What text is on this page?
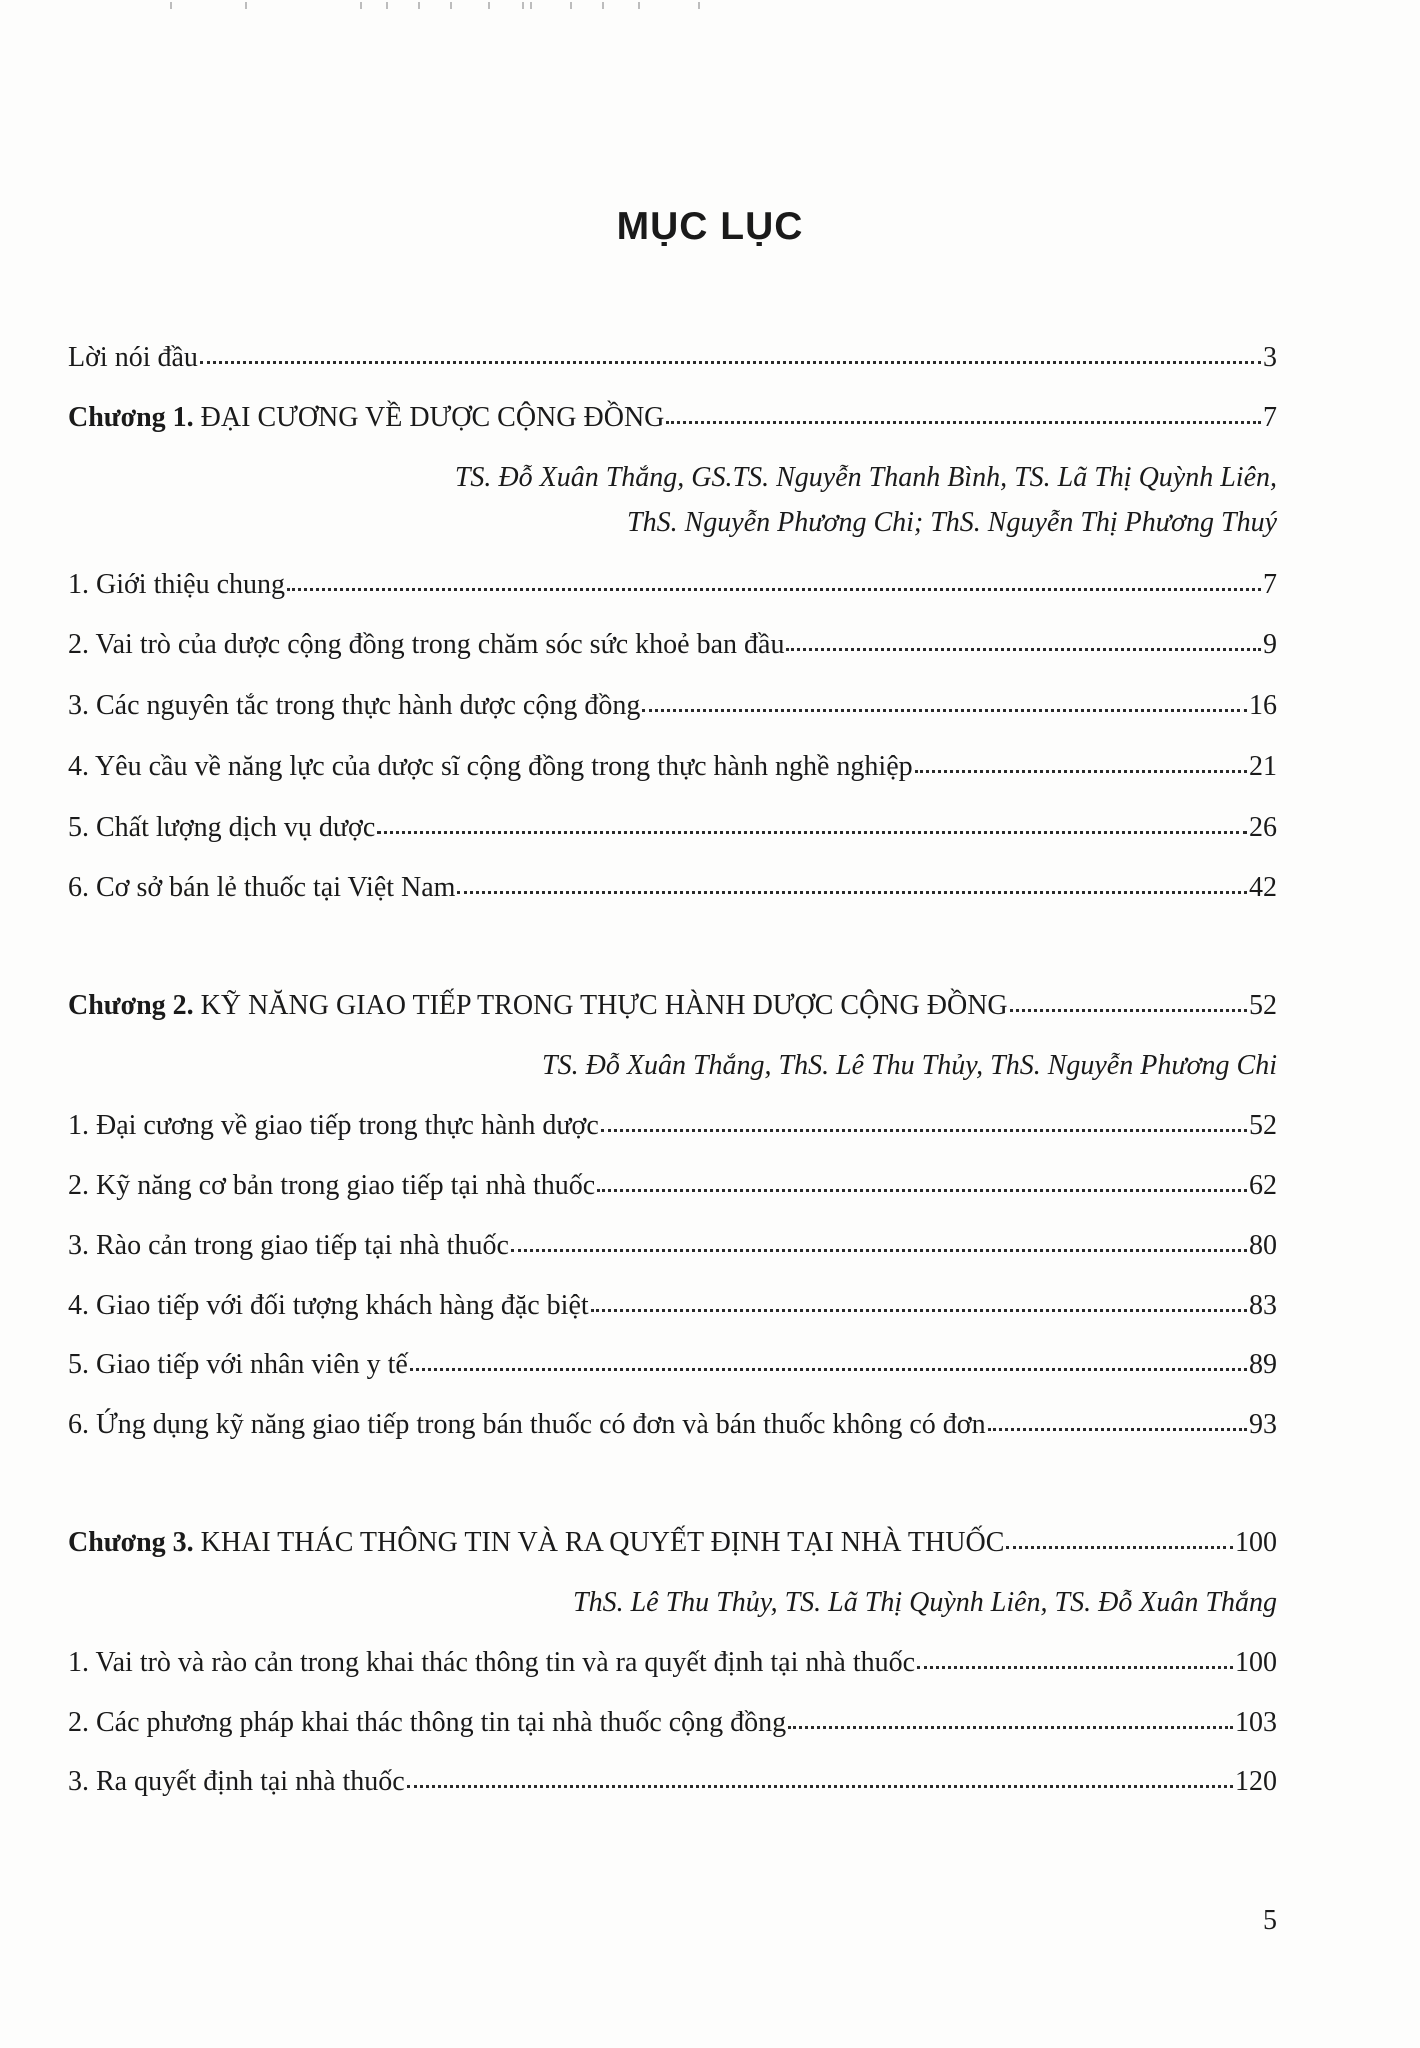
MỤC LỤC
Lời nói đầu	3
Chương 1. ĐẠI CƯƠNG VỀ DƯỢC CỘNG ĐỒNG	7
TS. Đỗ Xuân Thắng, GS.TS. Nguyễn Thanh Bình, TS. Lã Thị Quỳnh Liên,
ThS. Nguyễn Phương Chi; ThS. Nguyễn Thị Phương Thuý
1. Giới thiệu chung	7
2. Vai trò của dược cộng đồng trong chăm sóc sức khoẻ ban đầu	9
3. Các nguyên tắc trong thực hành dược cộng đồng	16
4. Yêu cầu về năng lực của dược sĩ cộng đồng trong thực hành nghề nghiệp	21
5. Chất lượng dịch vụ dược	26
6. Cơ sở bán lẻ thuốc tại Việt Nam	42
Chương 2. KỸ NĂNG GIAO TIẾP TRONG THỰC HÀNH DƯỢC CỘNG ĐỒNG	52
TS. Đỗ Xuân Thắng, ThS. Lê Thu Thủy, ThS. Nguyễn Phương Chi
1. Đại cương về giao tiếp trong thực hành dược	52
2. Kỹ năng cơ bản trong giao tiếp tại nhà thuốc	62
3. Rào cản trong giao tiếp tại nhà thuốc	80
4. Giao tiếp với đối tượng khách hàng đặc biệt	83
5. Giao tiếp với nhân viên y tế	89
6. Ứng dụng kỹ năng giao tiếp trong bán thuốc có đơn và bán thuốc không có đơn	93
Chương 3. KHAI THÁC THÔNG TIN VÀ RA QUYẾT ĐỊNH TẠI NHÀ THUỐC	100
ThS. Lê Thu Thủy, TS. Lã Thị Quỳnh Liên, TS. Đỗ Xuân Thắng
1. Vai trò và rào cản trong khai thác thông tin và ra quyết định tại nhà thuốc	100
2. Các phương pháp khai thác thông tin tại nhà thuốc cộng đồng	103
3. Ra quyết định tại nhà thuốc	120
5
